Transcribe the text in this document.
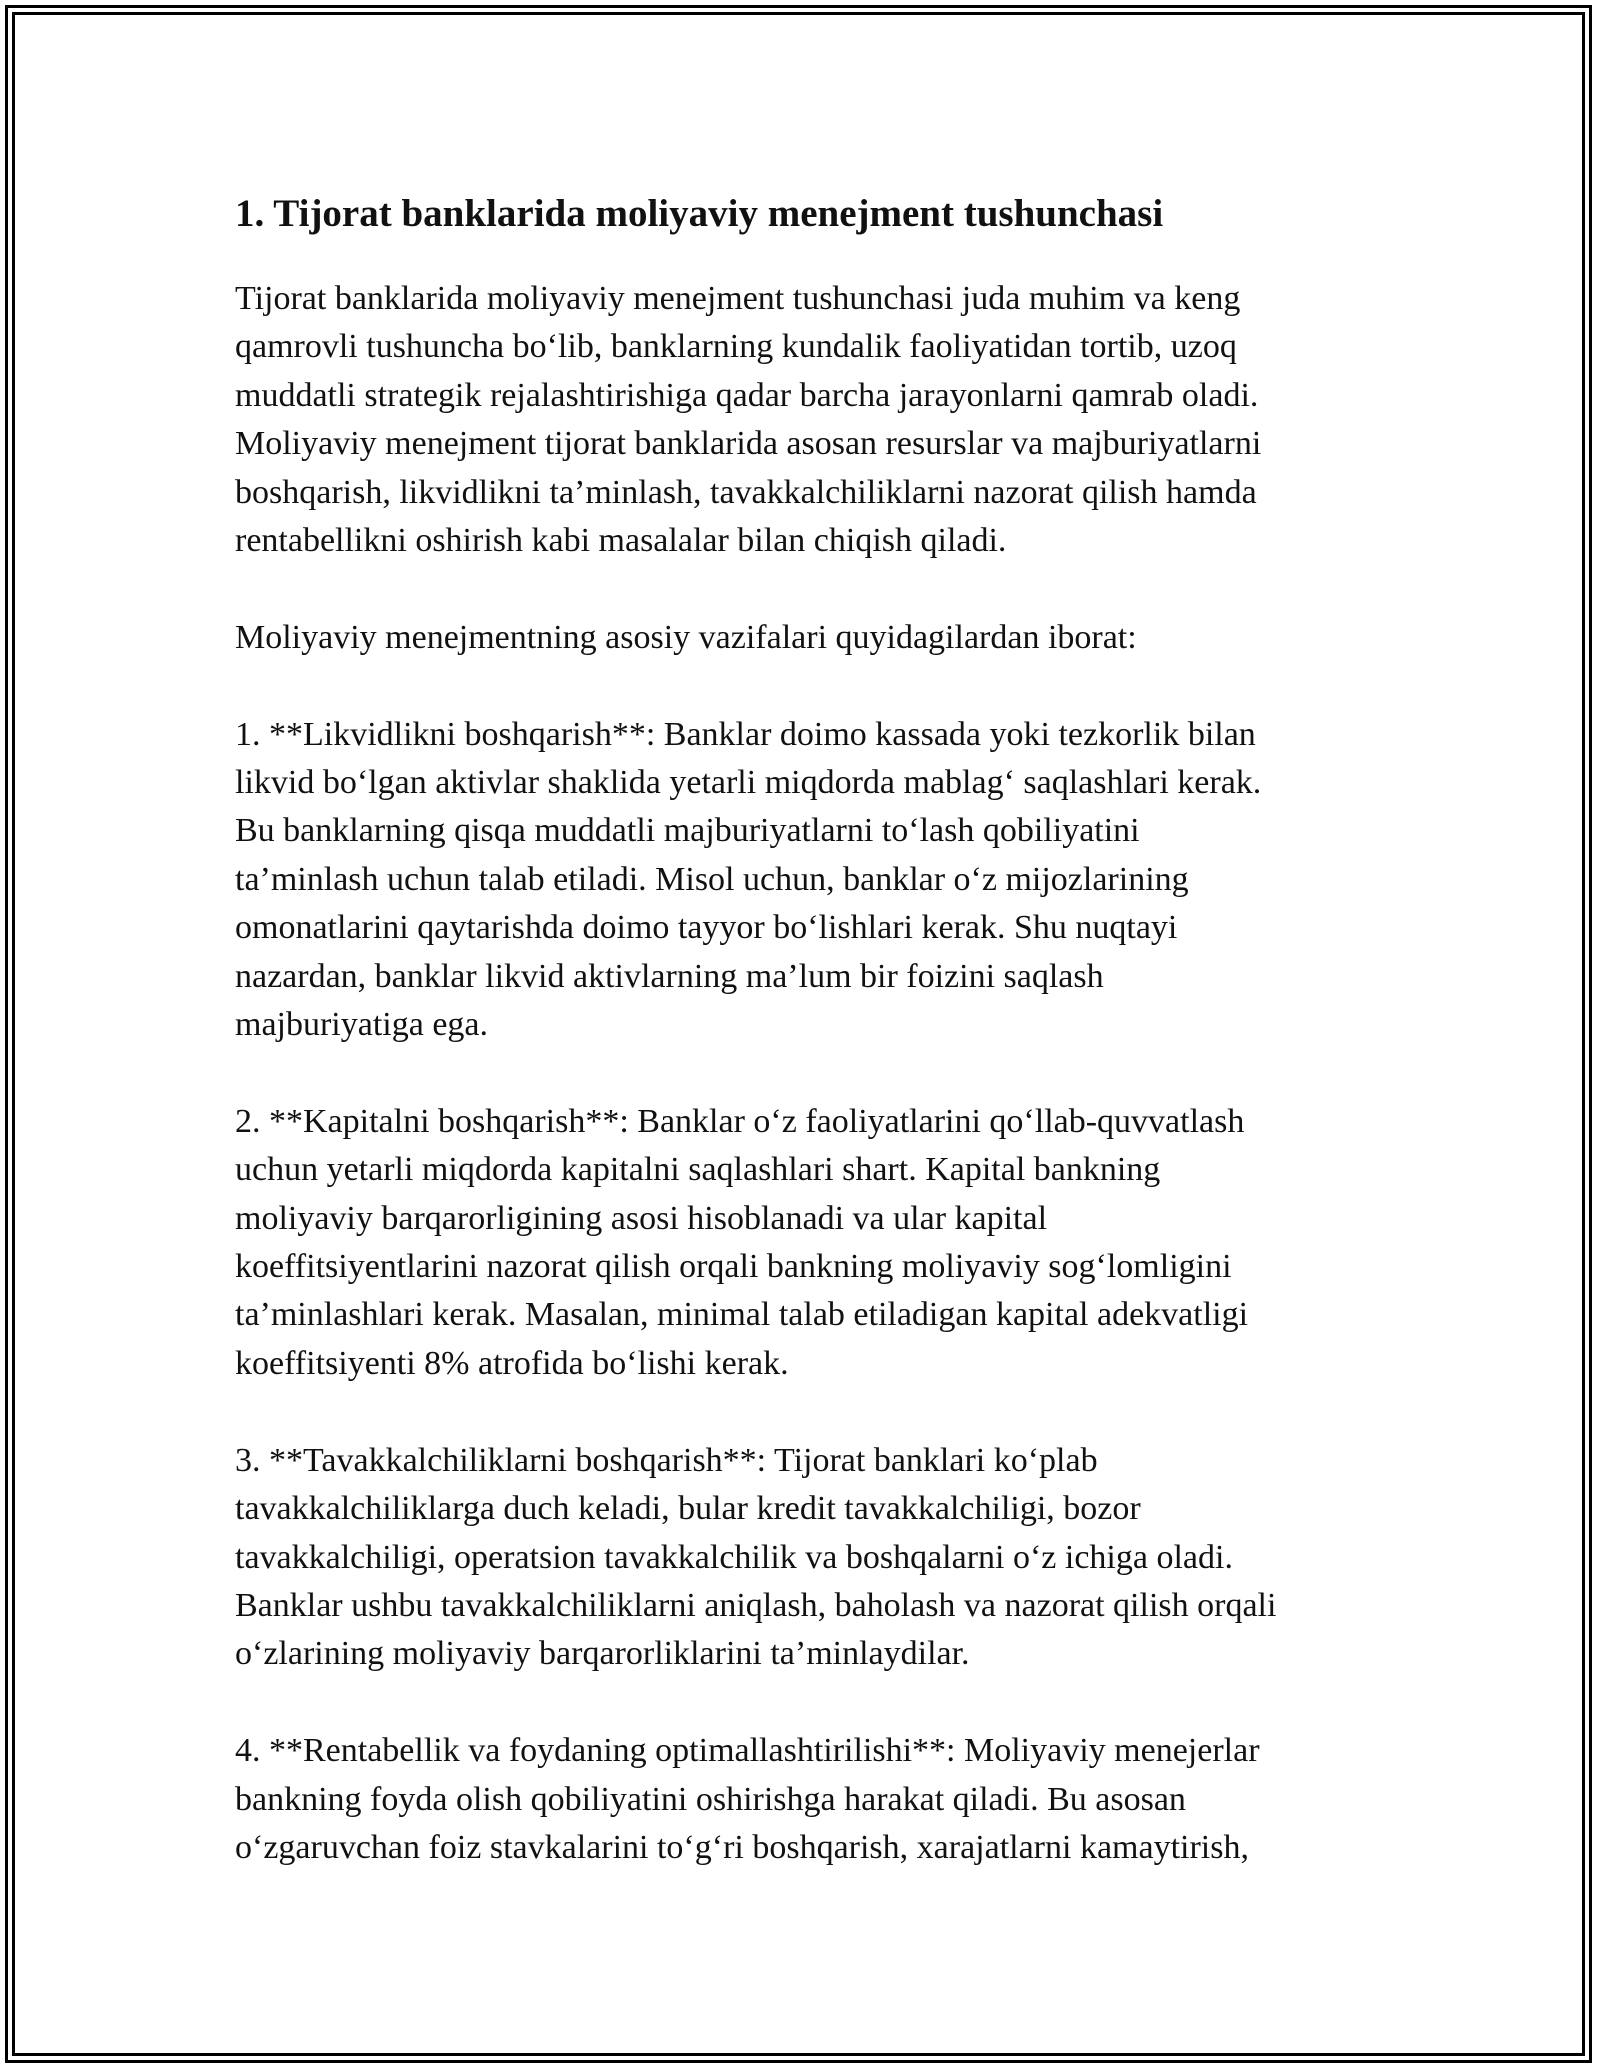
1. Tijorat banklarida moliyaviy menejment tushunchasi

Tijorat banklarida moliyaviy menejment tushunchasi juda muhim va keng
qamrovli tushuncha bo‘lib, banklarning kundalik faoliyatidan tortib, uzoq
muddatli strategik rejalashtirishiga qadar barcha jarayonlarni qamrab oladi.
Moliyaviy menejment tijorat banklarida asosan resurslar va majburiyatlarni
boshqarish, likvidlikni ta’minlash, tavakkalchiliklarni nazorat qilish hamda
rentabellikni oshirish kabi masalalar bilan chiqish qiladi.

Moliyaviy menejmentning asosiy vazifalari quyidagilardan iborat:

1. **Likvidlikni boshqarish**: Banklar doimo kassada yoki tezkorlik bilan
likvid bo‘lgan aktivlar shaklida yetarli miqdorda mablag‘ saqlashlari kerak.
Bu banklarning qisqa muddatli majburiyatlarni to‘lash qobiliyatini
ta’minlash uchun talab etiladi. Misol uchun, banklar o‘z mijozlarining
omonatlarini qaytarishda doimo tayyor bo‘lishlari kerak. Shu nuqtayi
nazardan, banklar likvid aktivlarning ma’lum bir foizini saqlash
majburiyatiga ega.

2. **Kapitalni boshqarish**: Banklar o‘z faoliyatlarini qo‘llab-quvvatlash
uchun yetarli miqdorda kapitalni saqlashlari shart. Kapital bankning
moliyaviy barqarorligining asosi hisoblanadi va ular kapital
koeffitsiyentlarini nazorat qilish orqali bankning moliyaviy sog‘lomligini
ta’minlashlari kerak. Masalan, minimal talab etiladigan kapital adekvatligi
koeffitsiyenti 8% atrofida bo‘lishi kerak.

3. **Tavakkalchiliklarni boshqarish**: Tijorat banklari ko‘plab
tavakkalchiliklarga duch keladi, bular kredit tavakkalchiligi, bozor
tavakkalchiligi, operatsion tavakkalchilik va boshqalarni o‘z ichiga oladi.
Banklar ushbu tavakkalchiliklarni aniqlash, baholash va nazorat qilish orqali
o‘zlarining moliyaviy barqarorliklarini ta’minlaydilar.

4. **Rentabellik va foydaning optimallashtirilishi**: Moliyaviy menejerlar
bankning foyda olish qobiliyatini oshirishga harakat qiladi. Bu asosan
o‘zgaruvchan foiz stavkalarini to‘g‘ri boshqarish, xarajatlarni kamaytirish,
